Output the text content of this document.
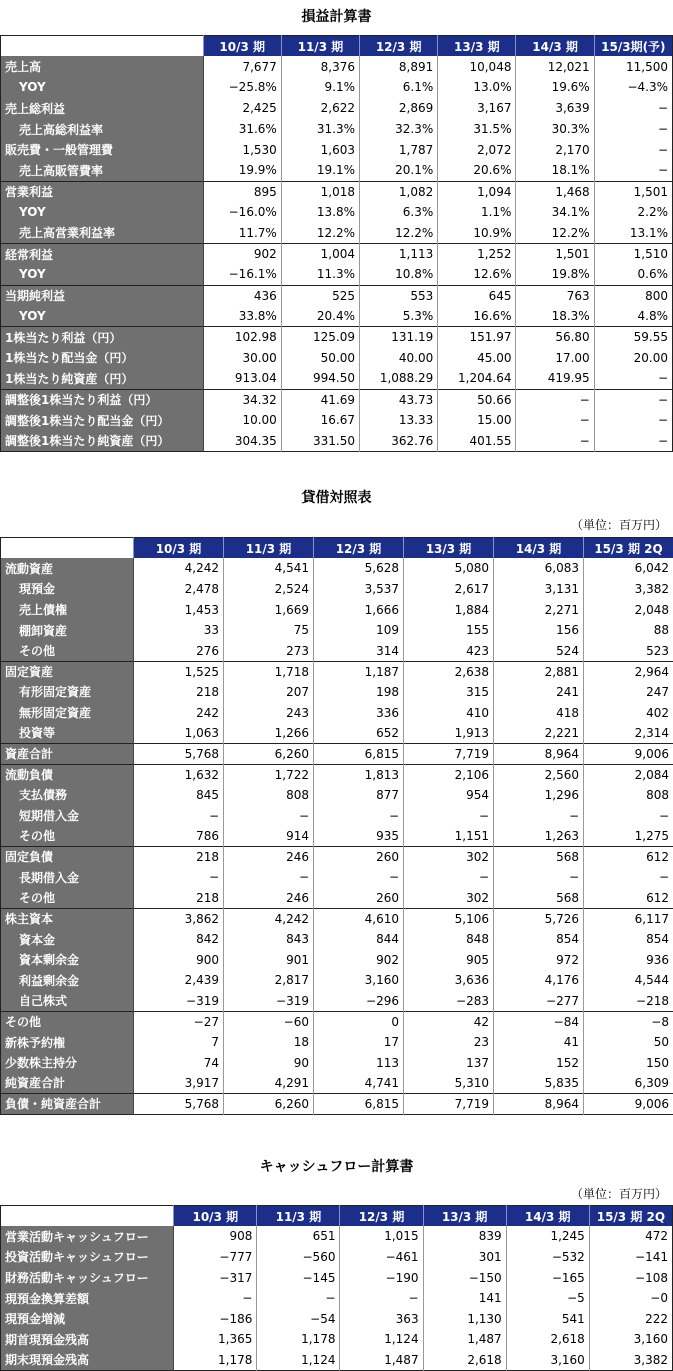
損益計算書
	10/3 期	11/3 期	12/3 期	13/3 期	14/3 期	15/3期(予)
売上高	7,677	8,376	8,891	10,048	12,021	11,500
YOY	−25.8%	9.1%	6.1%	13.0%	19.6%	−4.3%
売上総利益	2,425	2,622	2,869	3,167	3,639	−
売上高総利益率	31.6%	31.3%	32.3%	31.5%	30.3%	−
販売費・一般管理費	1,530	1,603	1,787	2,072	2,170	−
売上高販管費率	19.9%	19.1%	20.1%	20.6%	18.1%	−
営業利益	895	1,018	1,082	1,094	1,468	1,501
YOY	−16.0%	13.8%	6.3%	1.1%	34.1%	2.2%
売上高営業利益率	11.7%	12.2%	12.2%	10.9%	12.2%	13.1%
経常利益	902	1,004	1,113	1,252	1,501	1,510
YOY	−16.1%	11.3%	10.8%	12.6%	19.8%	0.6%
当期純利益	436	525	553	645	763	800
YOY	33.8%	20.4%	5.3%	16.6%	18.3%	4.8%
1株当たり利益（円）	102.98	125.09	131.19	151.97	56.80	59.55
1株当たり配当金（円）	30.00	50.00	40.00	45.00	17.00	20.00
1株当たり純資産（円）	913.04	994.50	1,088.29	1,204.64	419.95	−
調整後1株当たり利益（円）	34.32	41.69	43.73	50.66	−	−
調整後1株当たり配当金（円）	10.00	16.67	13.33	15.00	−	−
調整後1株当たり純資産（円）	304.35	331.50	362.76	401.55	−	−
貸借対照表
（単位：百万円）
	10/3 期	11/3 期	12/3 期	13/3 期	14/3 期	15/3 期 2Q
流動資産	4,242	4,541	5,628	5,080	6,083	6,042
現預金	2,478	2,524	3,537	2,617	3,131	3,382
売上債権	1,453	1,669	1,666	1,884	2,271	2,048
棚卸資産	33	75	109	155	156	88
その他	276	273	314	423	524	523
固定資産	1,525	1,718	1,187	2,638	2,881	2,964
有形固定資産	218	207	198	315	241	247
無形固定資産	242	243	336	410	418	402
投資等	1,063	1,266	652	1,913	2,221	2,314
資産合計	5,768	6,260	6,815	7,719	8,964	9,006
流動負債	1,632	1,722	1,813	2,106	2,560	2,084
支払債務	845	808	877	954	1,296	808
短期借入金	−	−	−	−	−	−
その他	786	914	935	1,151	1,263	1,275
固定負債	218	246	260	302	568	612
長期借入金	−	−	−	−	−	−
その他	218	246	260	302	568	612
株主資本	3,862	4,242	4,610	5,106	5,726	6,117
資本金	842	843	844	848	854	854
資本剰余金	900	901	902	905	972	936
利益剰余金	2,439	2,817	3,160	3,636	4,176	4,544
自己株式	−319	−319	−296	−283	−277	−218
その他	−27	−60	0	42	−84	−8
新株予約権	7	18	17	23	41	50
少数株主持分	74	90	113	137	152	150
純資産合計	3,917	4,291	4,741	5,310	5,835	6,309
負債・純資産合計	5,768	6,260	6,815	7,719	8,964	9,006
キャッシュフロー計算書
（単位：百万円）
	10/3 期	11/3 期	12/3 期	13/3 期	14/3 期	15/3 期 2Q
営業活動キャッシュフロー	908	651	1,015	839	1,245	472
投資活動キャッシュフロー	−777	−560	−461	301	−532	−141
財務活動キャッシュフロー	−317	−145	−190	−150	−165	−108
現預金換算差額	−	−	−	141	−5	−0
現預金増減	−186	−54	363	1,130	541	222
期首現預金残高	1,365	1,178	1,124	1,487	2,618	3,160
期末現預金残高	1,178	1,124	1,487	2,618	3,160	3,382
